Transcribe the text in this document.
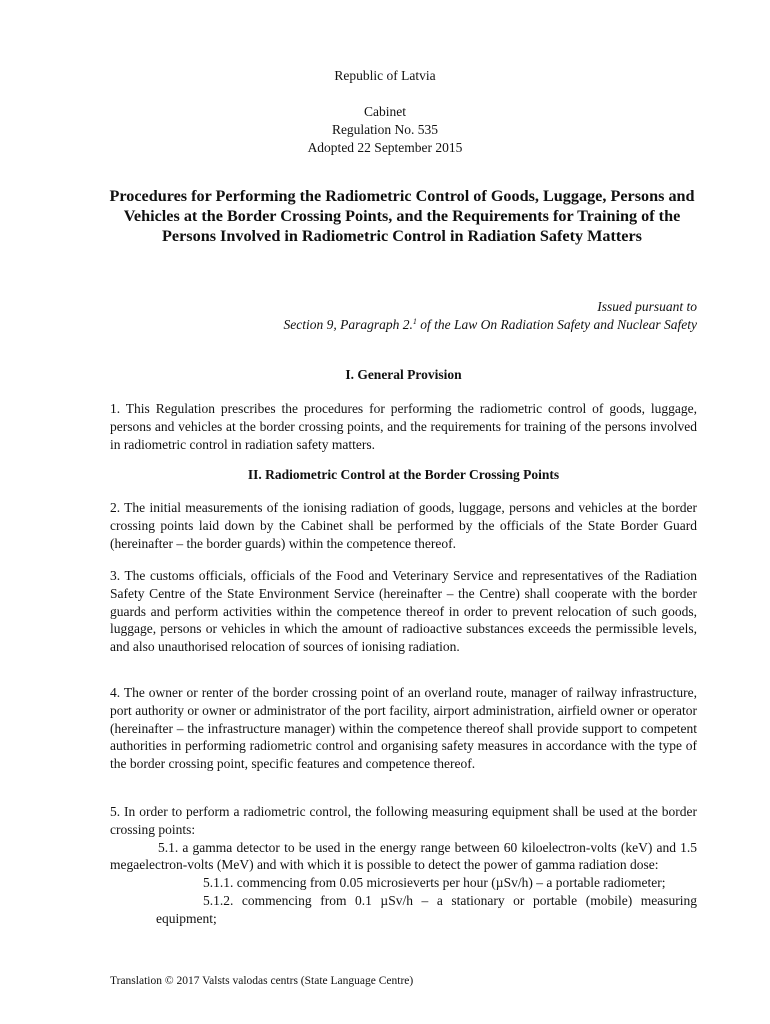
Republic of Latvia
Cabinet
Regulation No. 535
Adopted 22 September 2015
Procedures for Performing the Radiometric Control of Goods, Luggage, Persons and Vehicles at the Border Crossing Points, and the Requirements for Training of the Persons Involved in Radiometric Control in Radiation Safety Matters
Issued pursuant to
Section 9, Paragraph 2.$^1$ of the Law On Radiation Safety and Nuclear Safety
I. General Provision

1. This Regulation prescribes the procedures for performing the radiometric control of goods, luggage, persons and vehicles at the border crossing points, and the requirements for training of the persons involved in radiometric control in radiation safety matters.

II. Radiometric Control at the Border Crossing Points

2. The initial measurements of the ionising radiation of goods, luggage, persons and vehicles at the border crossing points laid down by the Cabinet shall be performed by the officials of the State Border Guard (hereinafter – the border guards) within the competence thereof.

3. The customs officials, officials of the Food and Veterinary Service and representatives of the Radiation Safety Centre of the State Environment Service (hereinafter – the Centre) shall cooperate with the border guards and perform activities within the competence thereof in order to prevent relocation of such goods, luggage, persons or vehicles in which the amount of radioactive substances exceeds the permissible levels, and also unauthorised relocation of sources of ionising radiation.

4. The owner or renter of the border crossing point of an overland route, manager of railway infrastructure, port authority or owner or administrator of the port facility, airport administration, airfield owner or operator (hereinafter – the infrastructure manager) within the competence thereof shall provide support to competent authorities in performing radiometric control and organising safety measures in accordance with the type of the border crossing point, specific features and competence thereof.

5. In order to perform a radiometric control, the following measuring equipment shall be used at the border crossing points:

5.1. a gamma detector to be used in the energy range between 60 kiloelectron-volts (keV) and 1.5 megaelectron-volts (MeV) and with which it is possible to detect the power of gamma radiation dose:

5.1.1. commencing from 0.05 microsieverts per hour (µSv/h) – a portable radiometer;

5.1.2. commencing from 0.1 µSv/h – a stationary or portable (mobile) measuring equipment;

Translation © 2017 Valsts valodas centrs (State Language Centre)
